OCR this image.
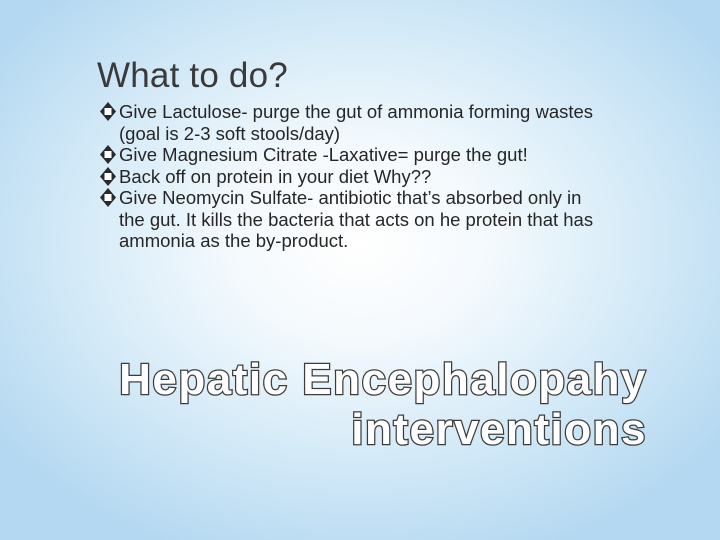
What to do?
Give Lactulose- purge the gut of ammonia forming wastes (goal is 2-3 soft stools/day)
Give Magnesium Citrate -Laxative= purge the gut!
Back off on protein in your diet Why??
Give Neomycin Sulfate- antibiotic that’s absorbed only in the gut. It kills the bacteria that acts on he protein that has ammonia as the by-product.
Hepatic Encephalopahy
interventions
